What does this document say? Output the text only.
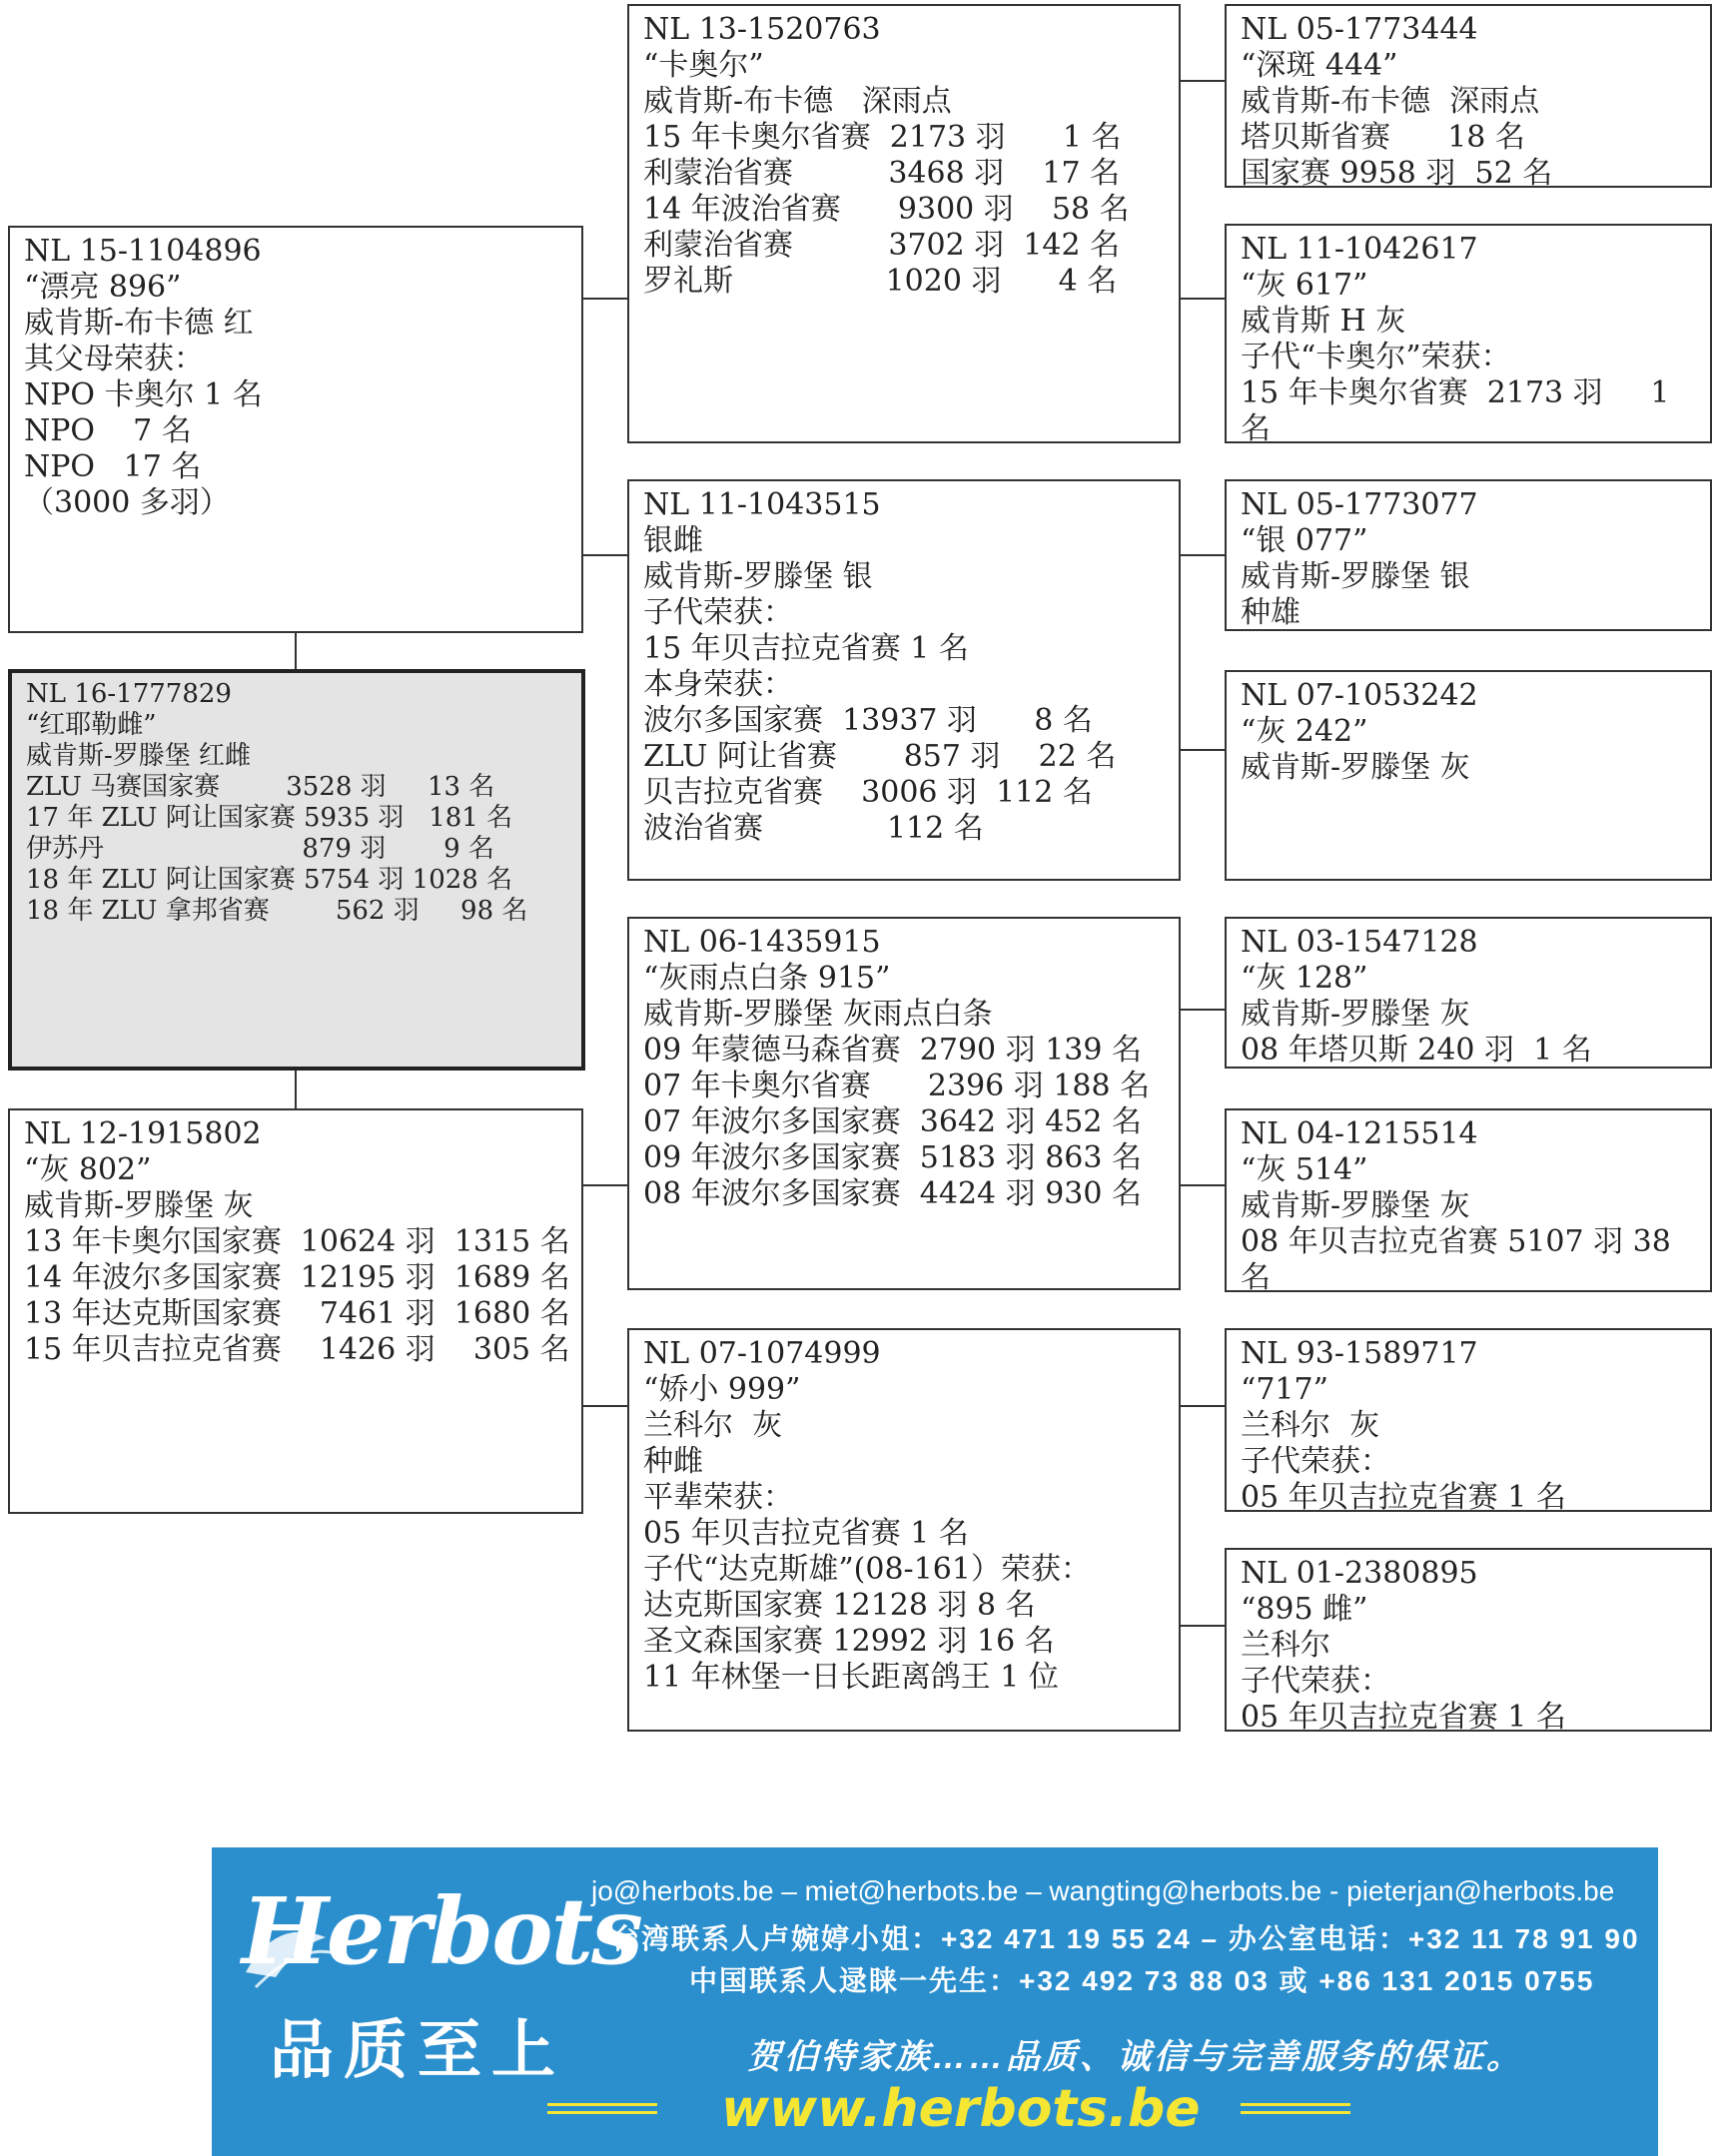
NL 15-1104896
“漂亮 896”
威肯斯-布卡德 红
其父母荣获：
NPO 卡奥尔 1 名
NPO    7 名
NPO   17 名
（3000 多羽）
NL 16-1777829
“红耶勒雌”
威肯斯-罗滕堡 红雌
ZLU 马赛国家赛        3528 羽     13 名
17 年 ZLU 阿让国家赛 5935 羽   181 名
伊苏丹                        879 羽       9 名
18 年 ZLU 阿让国家赛 5754 羽 1028 名
18 年 ZLU 拿邦省赛        562 羽     98 名
NL 12-1915802
“灰 802”
威肯斯-罗滕堡 灰
13 年卡奥尔国家赛  10624 羽  1315 名
14 年波尔多国家赛  12195 羽  1689 名
13 年达克斯国家赛    7461 羽  1680 名
15 年贝吉拉克省赛    1426 羽    305 名
NL 13-1520763
“卡奥尔”
威肯斯-布卡德   深雨点
15 年卡奥尔省赛  2173 羽      1 名
利蒙治省赛          3468 羽    17 名
14 年波治省赛      9300 羽    58 名
利蒙治省赛          3702 羽  142 名
罗礼斯                1020 羽      4 名
NL 11-1043515
银雌
威肯斯-罗滕堡 银
子代荣获：
15 年贝吉拉克省赛 1 名
本身荣获：
波尔多国家赛  13937 羽      8 名
ZLU 阿让省赛       857 羽    22 名
贝吉拉克省赛    3006 羽  112 名
波治省赛             112 名
NL 06-1435915
“灰雨点白条 915”
威肯斯-罗滕堡 灰雨点白条
09 年蒙德马森省赛  2790 羽 139 名
07 年卡奥尔省赛      2396 羽 188 名
07 年波尔多国家赛  3642 羽 452 名
09 年波尔多国家赛  5183 羽 863 名
08 年波尔多国家赛  4424 羽 930 名
NL 07-1074999
“娇小 999”
兰科尔  灰
种雌
平辈荣获：
05 年贝吉拉克省赛 1 名
子代“达克斯雄”(08-161）荣获：
达克斯国家赛 12128 羽 8 名
圣文森国家赛 12992 羽 16 名
11 年林堡一日长距离鸽王 1 位
NL 05-1773444
“深斑 444”
威肯斯-布卡德  深雨点
塔贝斯省赛      18 名
国家赛 9958 羽  52 名
NL 11-1042617
“灰 617”
威肯斯 H 灰
子代“卡奥尔”荣获：
15 年卡奥尔省赛  2173 羽     1
名
NL 05-1773077
“银 077”
威肯斯-罗滕堡 银
种雄
NL 07-1053242
“灰 242”
威肯斯-罗滕堡 灰
NL 03-1547128
“灰 128”
威肯斯-罗滕堡 灰
08 年塔贝斯 240 羽  1 名
NL 04-1215514
“灰 514”
威肯斯-罗滕堡 灰
08 年贝吉拉克省赛 5107 羽 38
名
NL 93-1589717
“717”
兰科尔  灰
子代荣获：
05 年贝吉拉克省赛 1 名
NL 01-2380895
“895 雌”
兰科尔
子代荣获：
05 年贝吉拉克省赛 1 名
Herbots
品质至上
jo@herbots.be – miet@herbots.be – wangting@herbots.be - pieterjan@herbots.be
台湾联系人卢婉婷小姐：+32 471 19 55 24 – 办公室电话：+32 11 78 91 90
中国联系人逯睐一先生：+32 492 73 88 03 或 +86 131 2015 0755
贺伯特家族……品质、诚信与完善服务的保证。
www.herbots.be
